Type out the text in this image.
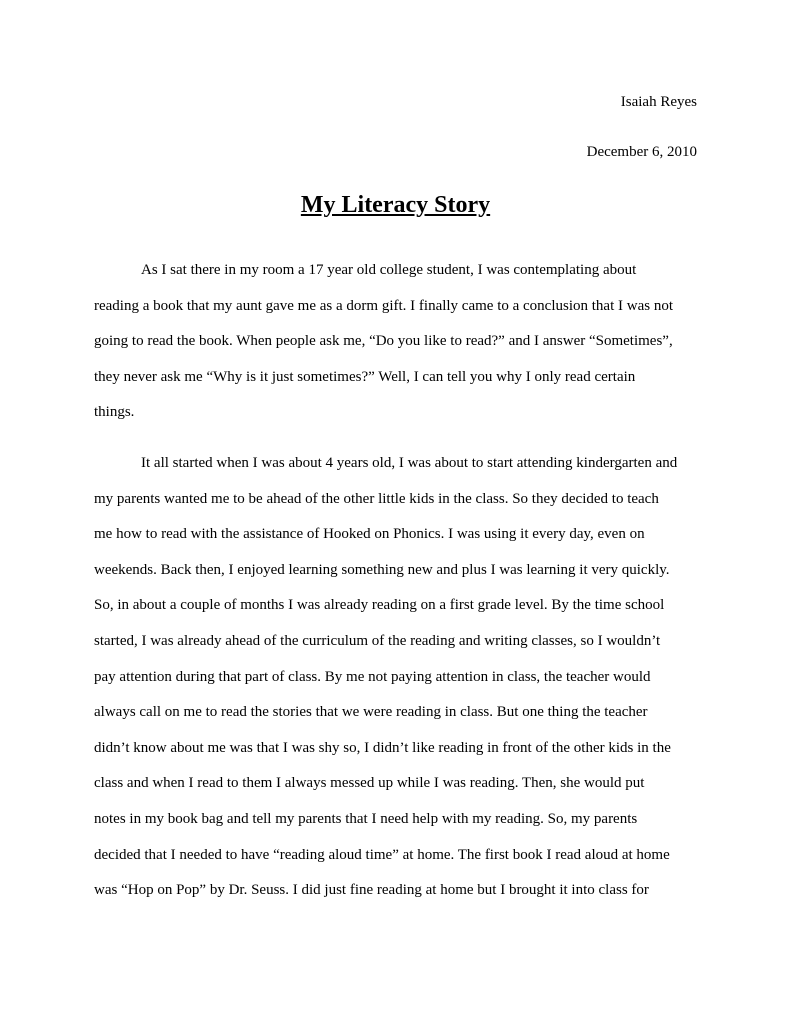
Isaiah Reyes
December 6, 2010
My Literacy Story

As I sat there in my room a 17 year old college student, I was contemplating about
reading a book that my aunt gave me as a dorm gift. I finally came to a conclusion that I was not
going to read the book. When people ask me, “Do you like to read?” and I answer “Sometimes”,
they never ask me “Why is it just sometimes?” Well, I can tell you why I only read certain
things.

It all started when I was about 4 years old, I was about to start attending kindergarten and
my parents wanted me to be ahead of the other little kids in the class. So they decided to teach
me how to read with the assistance of Hooked on Phonics. I was using it every day, even on
weekends. Back then, I enjoyed learning something new and plus I was learning it very quickly.
So, in about a couple of months I was already reading on a first grade level. By the time school
started, I was already ahead of the curriculum of the reading and writing classes, so I wouldn’t
pay attention during that part of class. By me not paying attention in class, the teacher would
always call on me to read the stories that we were reading in class. But one thing the teacher
didn’t know about me was that I was shy so, I didn’t like reading in front of the other kids in the
class and when I read to them I always messed up while I was reading. Then, she would put
notes in my book bag and tell my parents that I need help with my reading. So, my parents
decided that I needed to have “reading aloud time” at home. The first book I read aloud at home
was “Hop on Pop” by Dr. Seuss. I did just fine reading at home but I brought it into class for
